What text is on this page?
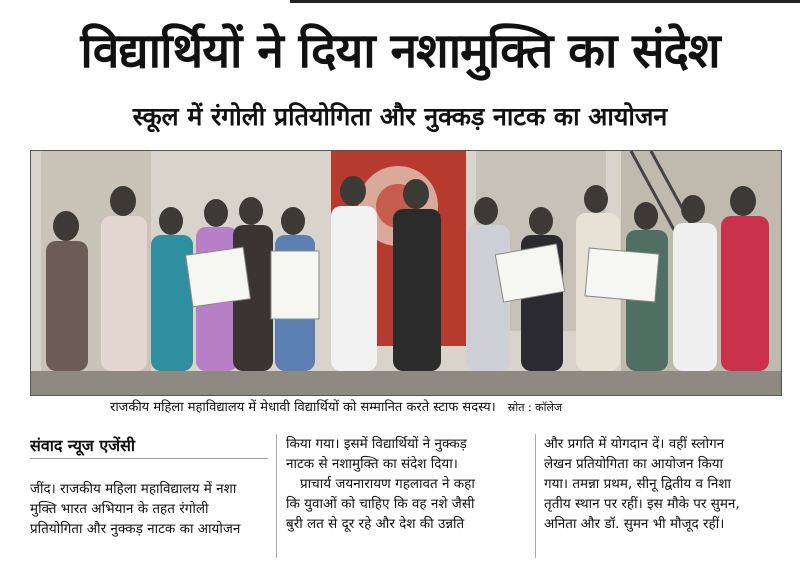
विद्यार्थियों ने दिया नशामुक्ति का संदेश
स्कूल में रंगोली प्रतियोगिता और नुक्कड़ नाटक का आयोजन
राजकीय महिला महाविद्यालय में मेधावी विद्यार्थियों को सम्मानित करते स्टाफ सदस्य। स्रोत : कॉलेज
संवाद न्यूज एजेंसी
जींद। राजकीय महिला महाविद्यालय में नशा
मुक्ति भारत अभियान के तहत रंगोली
प्रतियोगिता और नुक्कड़ नाटक का आयोजन
किया गया। इसमें विद्यार्थियों ने नुक्कड़
नाटक से नशामुक्ति का संदेश दिया।
प्राचार्य जयनारायण गहलावत ने कहा
कि युवाओं को चाहिए कि वह नशे जैसी
बुरी लत से दूर रहे और देश की उन्नति
और प्रगति में योगदान दें। वहीं स्लोगन
लेखन प्रतियोगिता का आयोजन किया
गया। तमन्ना प्रथम, सीनू द्वितीय व निशा
तृतीय स्थान पर रहीं। इस मौके पर सुमन,
अनिता और डॉ. सुमन भी मौजूद रहीं।
